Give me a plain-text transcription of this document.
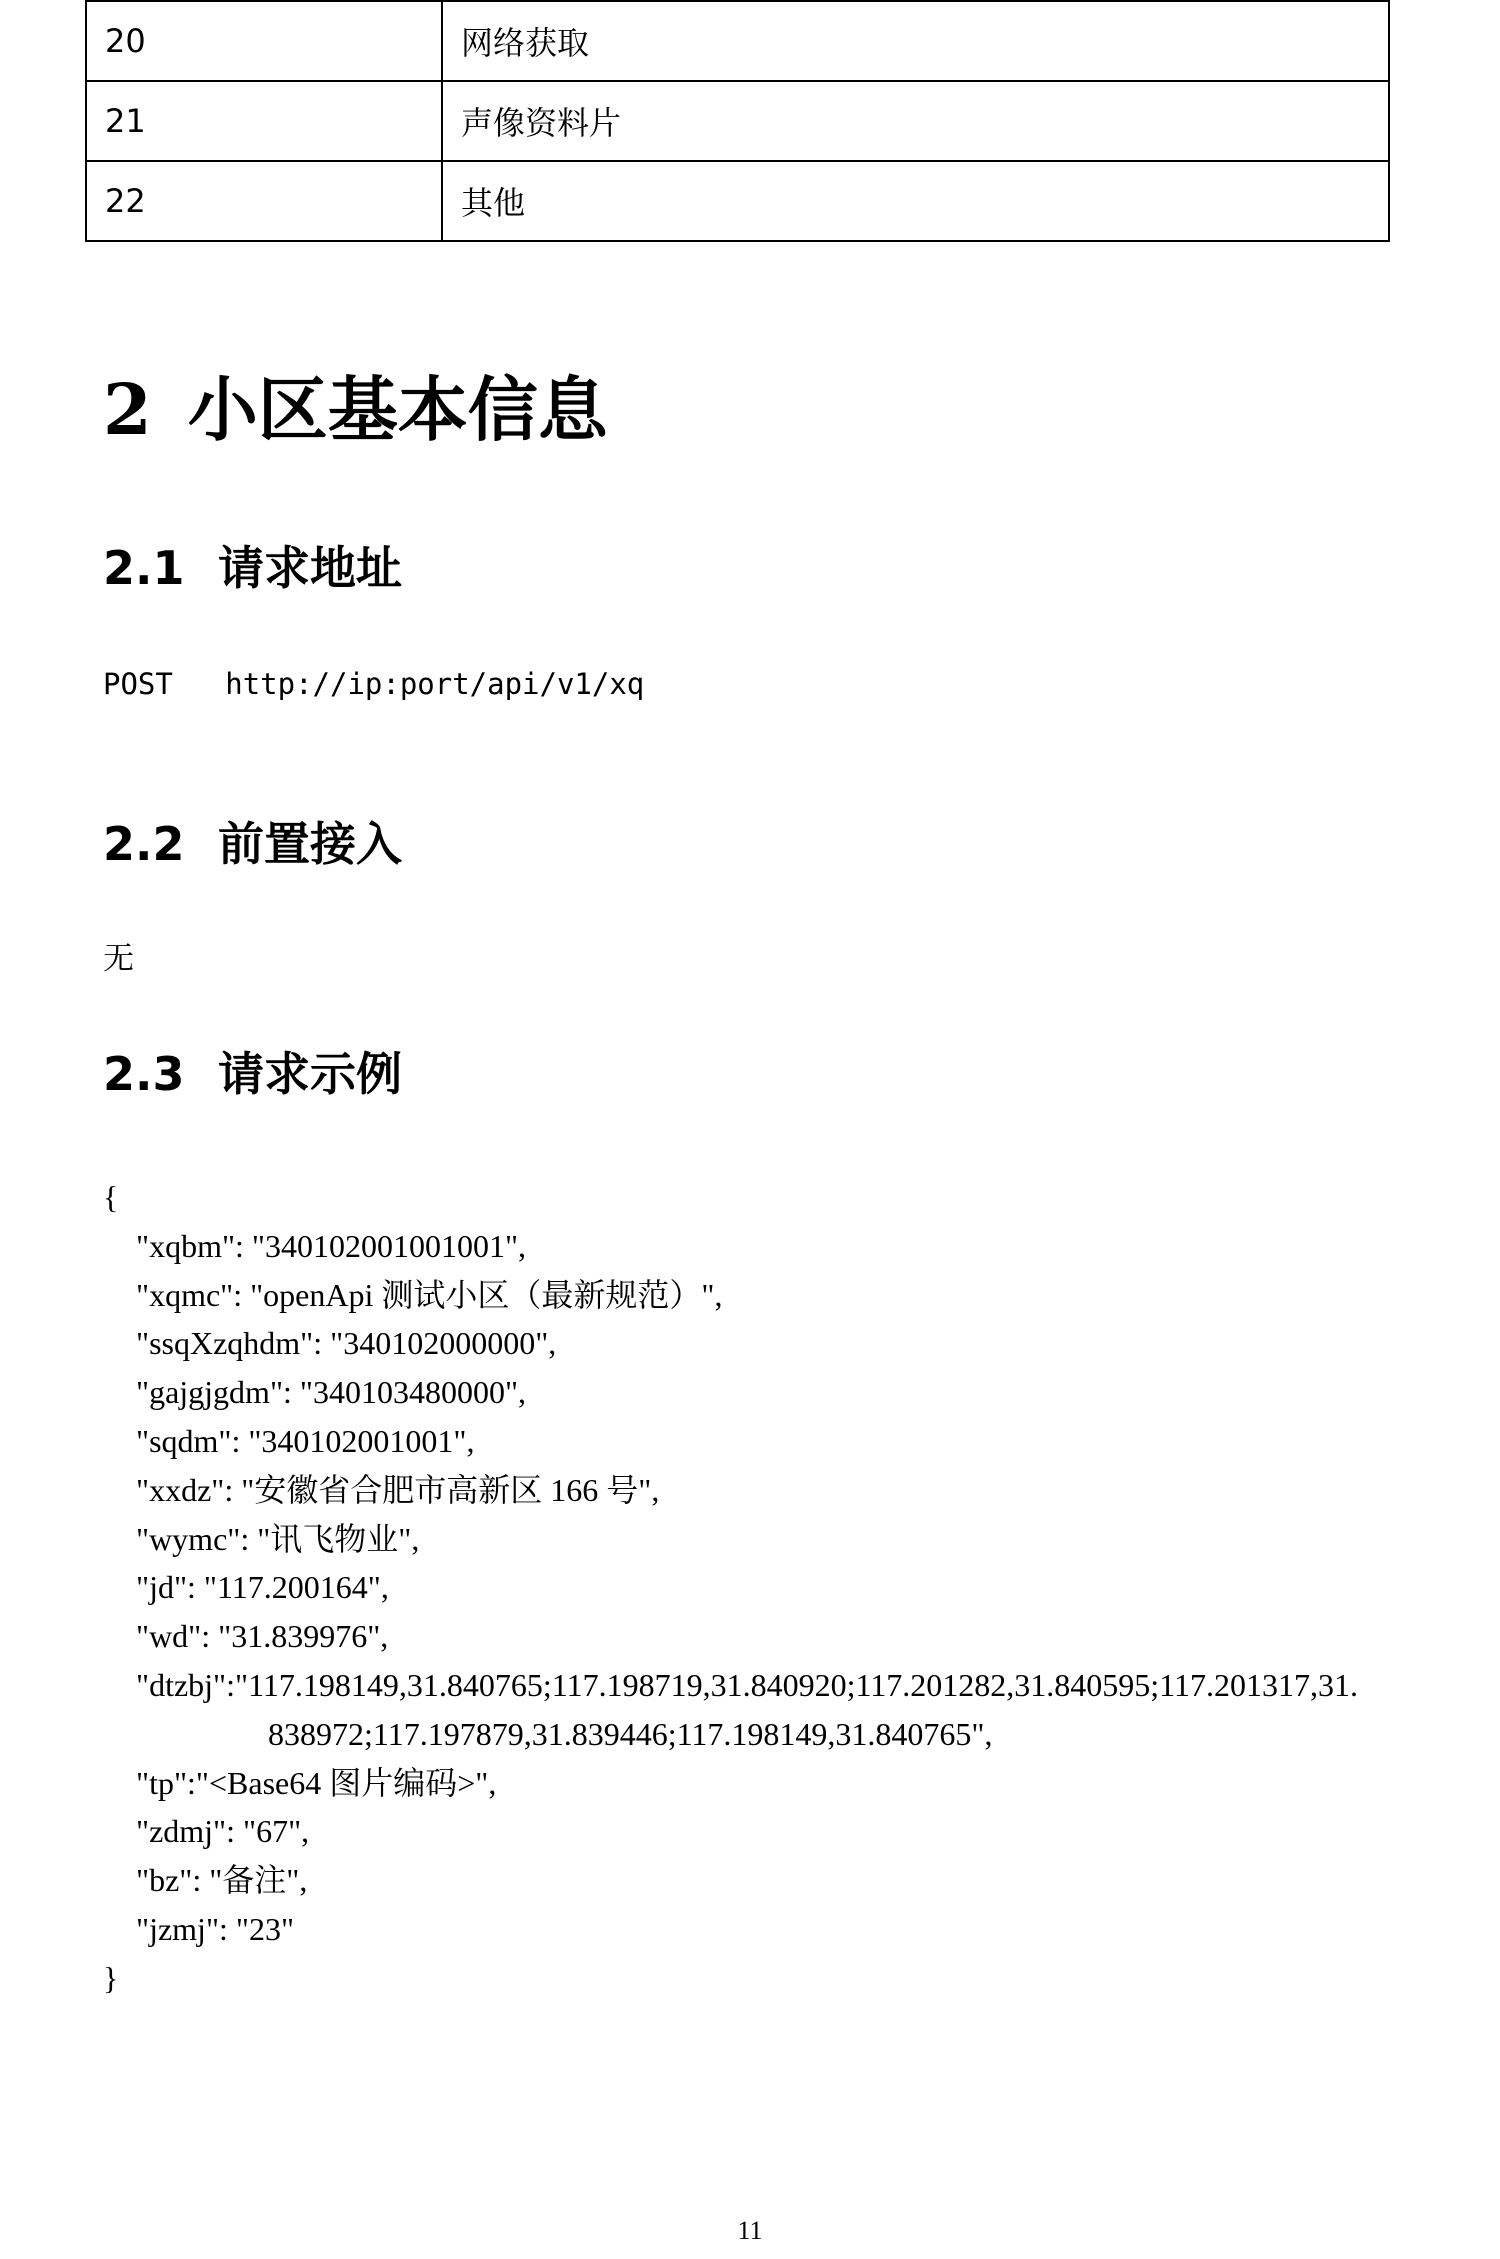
20	网络获取
21	声像资料片
22	其他
2 小区基本信息
2.1 请求地址
POST http://ip:port/api/v1/xq
2.2 前置接入
无
2.3 请求示例
{
"xqbm": "340102001001001",
"xqmc": "openApi 测试小区（最新规范）",
"ssqXzqhdm": "340102000000",
"gajgjgdm": "340103480000",
"sqdm": "340102001001",
"xxdz": "安徽省合肥市高新区 166 号",
"wymc": "讯飞物业",
"jd": "117.200164",
"wd": "31.839976",
"dtzbj":"117.198149,31.840765;117.198719,31.840920;117.201282,31.840595;117.201317,31.
838972;117.197879,31.839446;117.198149,31.840765",
"tp":"<Base64 图片编码>",
"zdmj": "67",
"bz": "备注",
"jzmj": "23"
}
11
